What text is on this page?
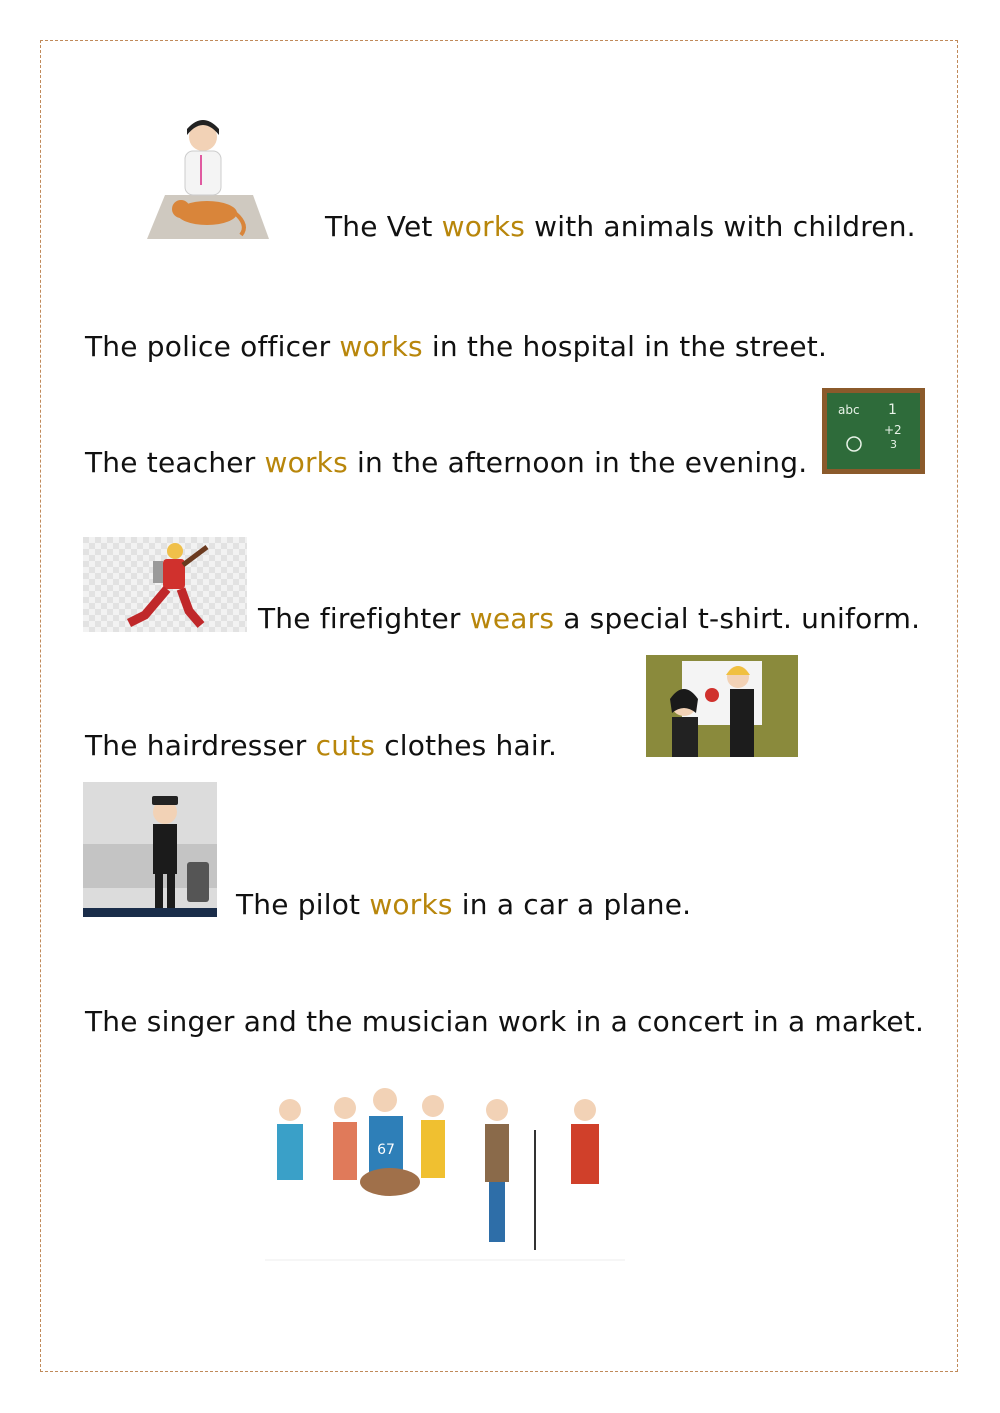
The Vet works with animals with children.
The police officer works in the hospital in the street.
The teacher works in the afternoon in the evening.
abc 1
+2
3
The firefighter wears a special t-shirt. uniform.
The hairdresser cuts clothes hair.
The pilot works in a car a plane.
The singer and the musician work in a concert in a market.
67
